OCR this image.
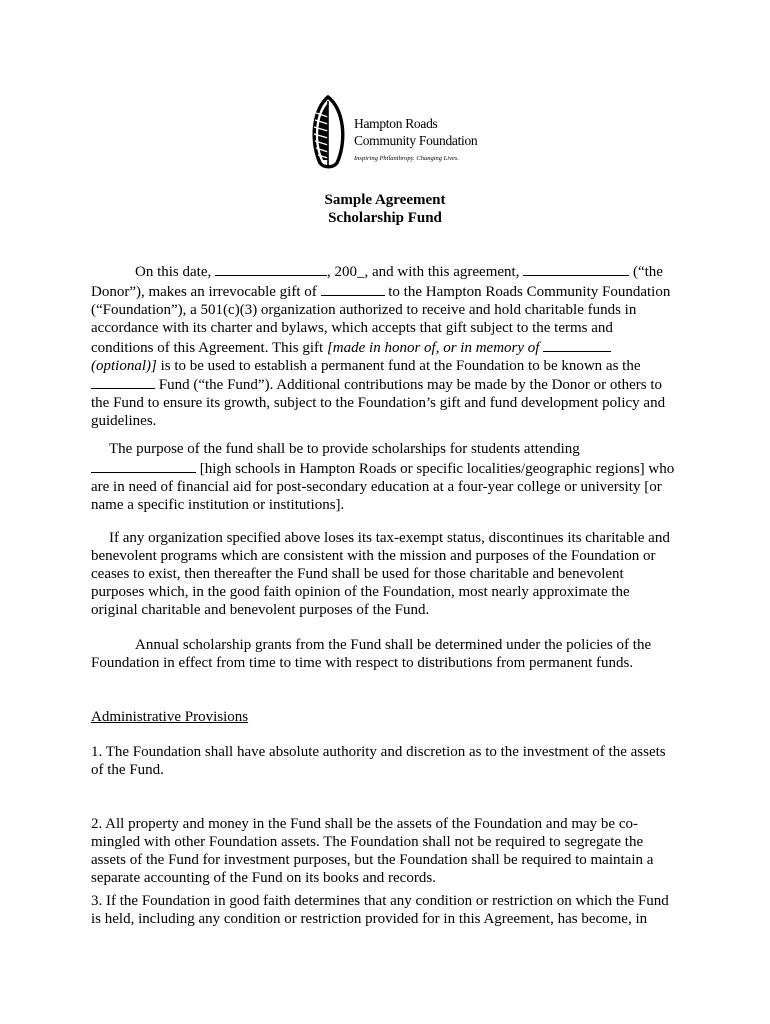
Hampton Roads
Community Foundation
Inspiring Philanthropy. Changing Lives.
Sample Agreement
Scholarship Fund
On this date,	, 200_, and with this agreement,	(“the
Donor”), makes an irrevocable gift of	to the Hampton Roads Community Foundation
(“Foundation”), a 501(c)(3) organization authorized to receive and hold charitable funds in
accordance with its charter and bylaws, which accepts that gift subject to the terms and
conditions of this Agreement. This gift [made in honor of, or in memory of
(optional)] is to be used to establish a permanent fund at the Foundation to be known as the
Fund (“the Fund”). Additional contributions may be made by the Donor or others to
the Fund to ensure its growth, subject to the Foundation’s gift and fund development policy and
guidelines.
The purpose of the fund shall be to provide scholarships for students attending
[high schools in Hampton Roads or specific localities/geographic regions] who
are in need of financial aid for post-secondary education at a four-year college or university [or
name a specific institution or institutions].
If any organization specified above loses its tax-exempt status, discontinues its charitable and
benevolent programs which are consistent with the mission and purposes of the Foundation or
ceases to exist, then thereafter the Fund shall be used for those charitable and benevolent
purposes which, in the good faith opinion of the Foundation, most nearly approximate the
original charitable and benevolent purposes of the Fund.
Annual scholarship grants from the Fund shall be determined under the policies of the
Foundation in effect from time to time with respect to distributions from permanent funds.
Administrative Provisions
1. The Foundation shall have absolute authority and discretion as to the investment of the assets
of the Fund.
2. All property and money in the Fund shall be the assets of the Foundation and may be co-
mingled with other Foundation assets. The Foundation shall not be required to segregate the
assets of the Fund for investment purposes, but the Foundation shall be required to maintain a
separate accounting of the Fund on its books and records.
3. If the Foundation in good faith determines that any condition or restriction on which the Fund
is held, including any condition or restriction provided for in this Agreement, has become, in
